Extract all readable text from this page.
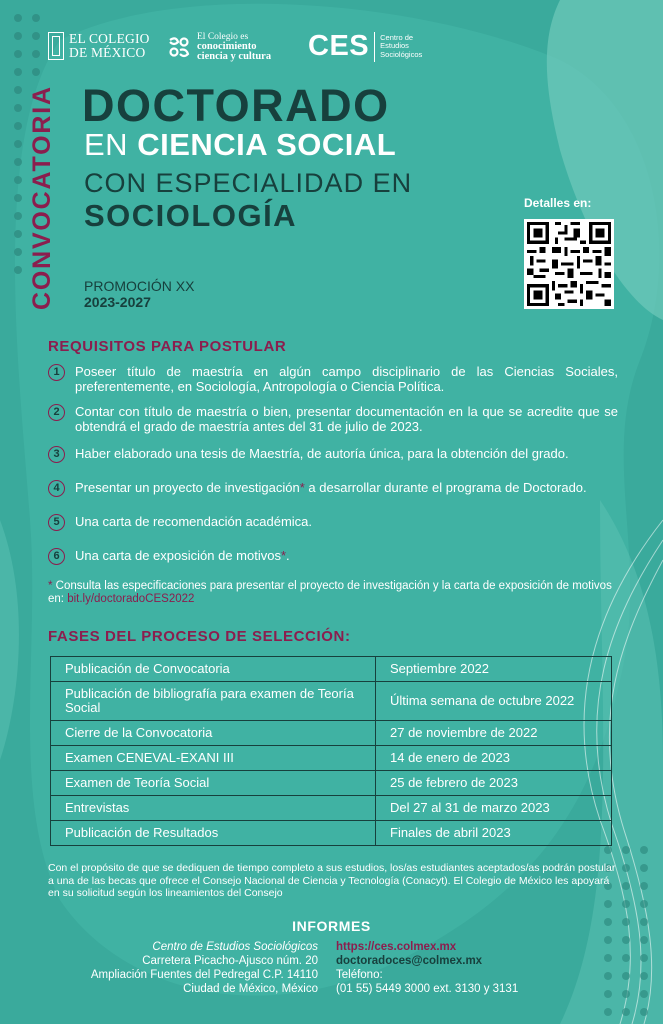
EL COLEGIO
DE MÉXICO
El Colegio es
conocimiento
ciencia y cultura CES Centro de
Estudios
Sociológicos
CONVOCATORIA DOCTORADO
EN CIENCIA SOCIAL
CON ESPECIALIDAD EN
SOCIOLOGÍA
PROMOCIÓN XX
2023-2027
Detalles en:
REQUISITOS PARA POSTULAR
1	Poseer título de maestría en algún campo disciplinario de las Ciencias Sociales, preferentemente, en Sociología, Antropología o Ciencia Política.
2	Contar con título de maestría o bien, presentar documentación en la que se acredite que se obtendrá el grado de maestría antes del 31 de julio de 2023.
3	Haber elaborado una tesis de Maestría, de autoría única, para la obtención del grado.
4	Presentar un proyecto de investigación* a desarrollar durante el programa de Doctorado.
5	Una carta de recomendación académica.
6	Una carta de exposición de motivos*.
* Consulta las especificaciones para presentar el proyecto de investigación y la carta de exposición de motivos en: bit.ly/doctoradoCES2022
FASES DEL PROCESO DE SELECCIÓN:
Publicación de Convocatoria	Septiembre 2022
Publicación de bibliografía para examen de Teoría Social	Última semana de octubre 2022
Cierre de la Convocatoria	27 de noviembre de 2022
Examen CENEVAL-EXANI III	14 de enero de 2023
Examen de Teoría Social	25 de febrero de 2023
Entrevistas	Del 27 al 31 de marzo 2023
Publicación de Resultados	Finales de abril 2023
Con el propósito de que se dediquen de tiempo completo a sus estudios, los/as estudiantes aceptados/as podrán postular a una de las becas que ofrece el Consejo Nacional de Ciencia y Tecnología (Conacyt). El Colegio de México les apoyará en su solicitud según los lineamientos del Consejo
INFORMES
Centro de Estudios Sociológicos
Carretera Picacho-Ajusco núm. 20
Ampliación Fuentes del Pedregal C.P. 14110
Ciudad de México, México
https://ces.colmex.mx
doctoradoces@colmex.mx
Teléfono:
(01 55) 5449 3000 ext. 3130 y 3131
